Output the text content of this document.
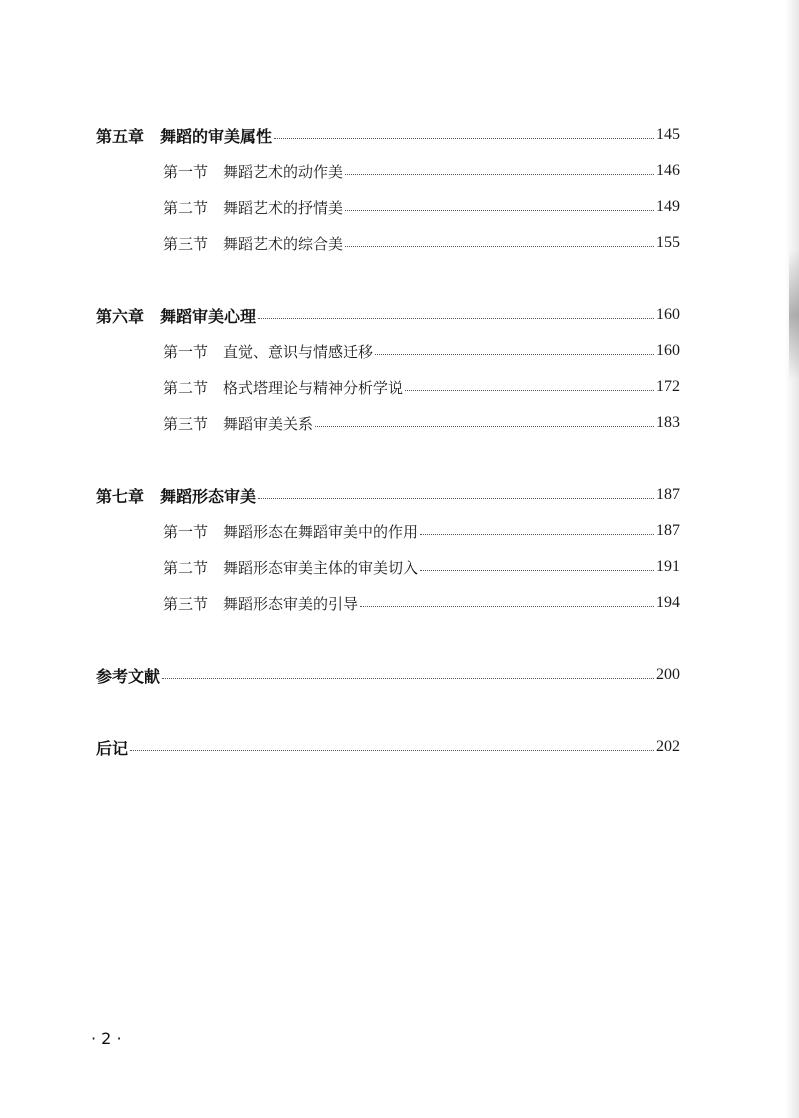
第五章 舞蹈的审美属性	145
第一节 舞蹈艺术的动作美	146
第二节 舞蹈艺术的抒情美	149
第三节 舞蹈艺术的综合美	155
第六章 舞蹈审美心理	160
第一节 直觉、意识与情感迁移	160
第二节 格式塔理论与精神分析学说	172
第三节 舞蹈审美关系	183
第七章 舞蹈形态审美	187
第一节 舞蹈形态在舞蹈审美中的作用	187
第二节 舞蹈形态审美主体的审美切入	191
第三节 舞蹈形态审美的引导	194
参考文献	200
后记	202
· 2 ·
